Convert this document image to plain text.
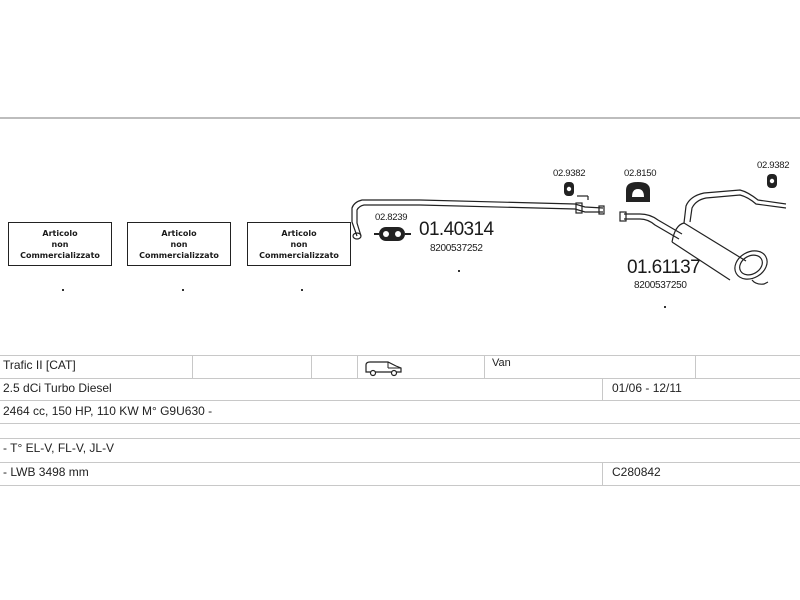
Articolo
non
Commercializzato
Articolo
non
Commercializzato
Articolo
non
Commercializzato
02.8239
01.40314
8200537252
02.9382	02.8150
02.9382
01.61137
8200537250
Trafic II [CAT]	Van
2.5 dCi Turbo Diesel	01/06 - 12/11
2464 cc, 150 HP, 110 KW M° G9U630 -
- T° EL-V, FL-V, JL-V
- LWB 3498 mm	C280842
